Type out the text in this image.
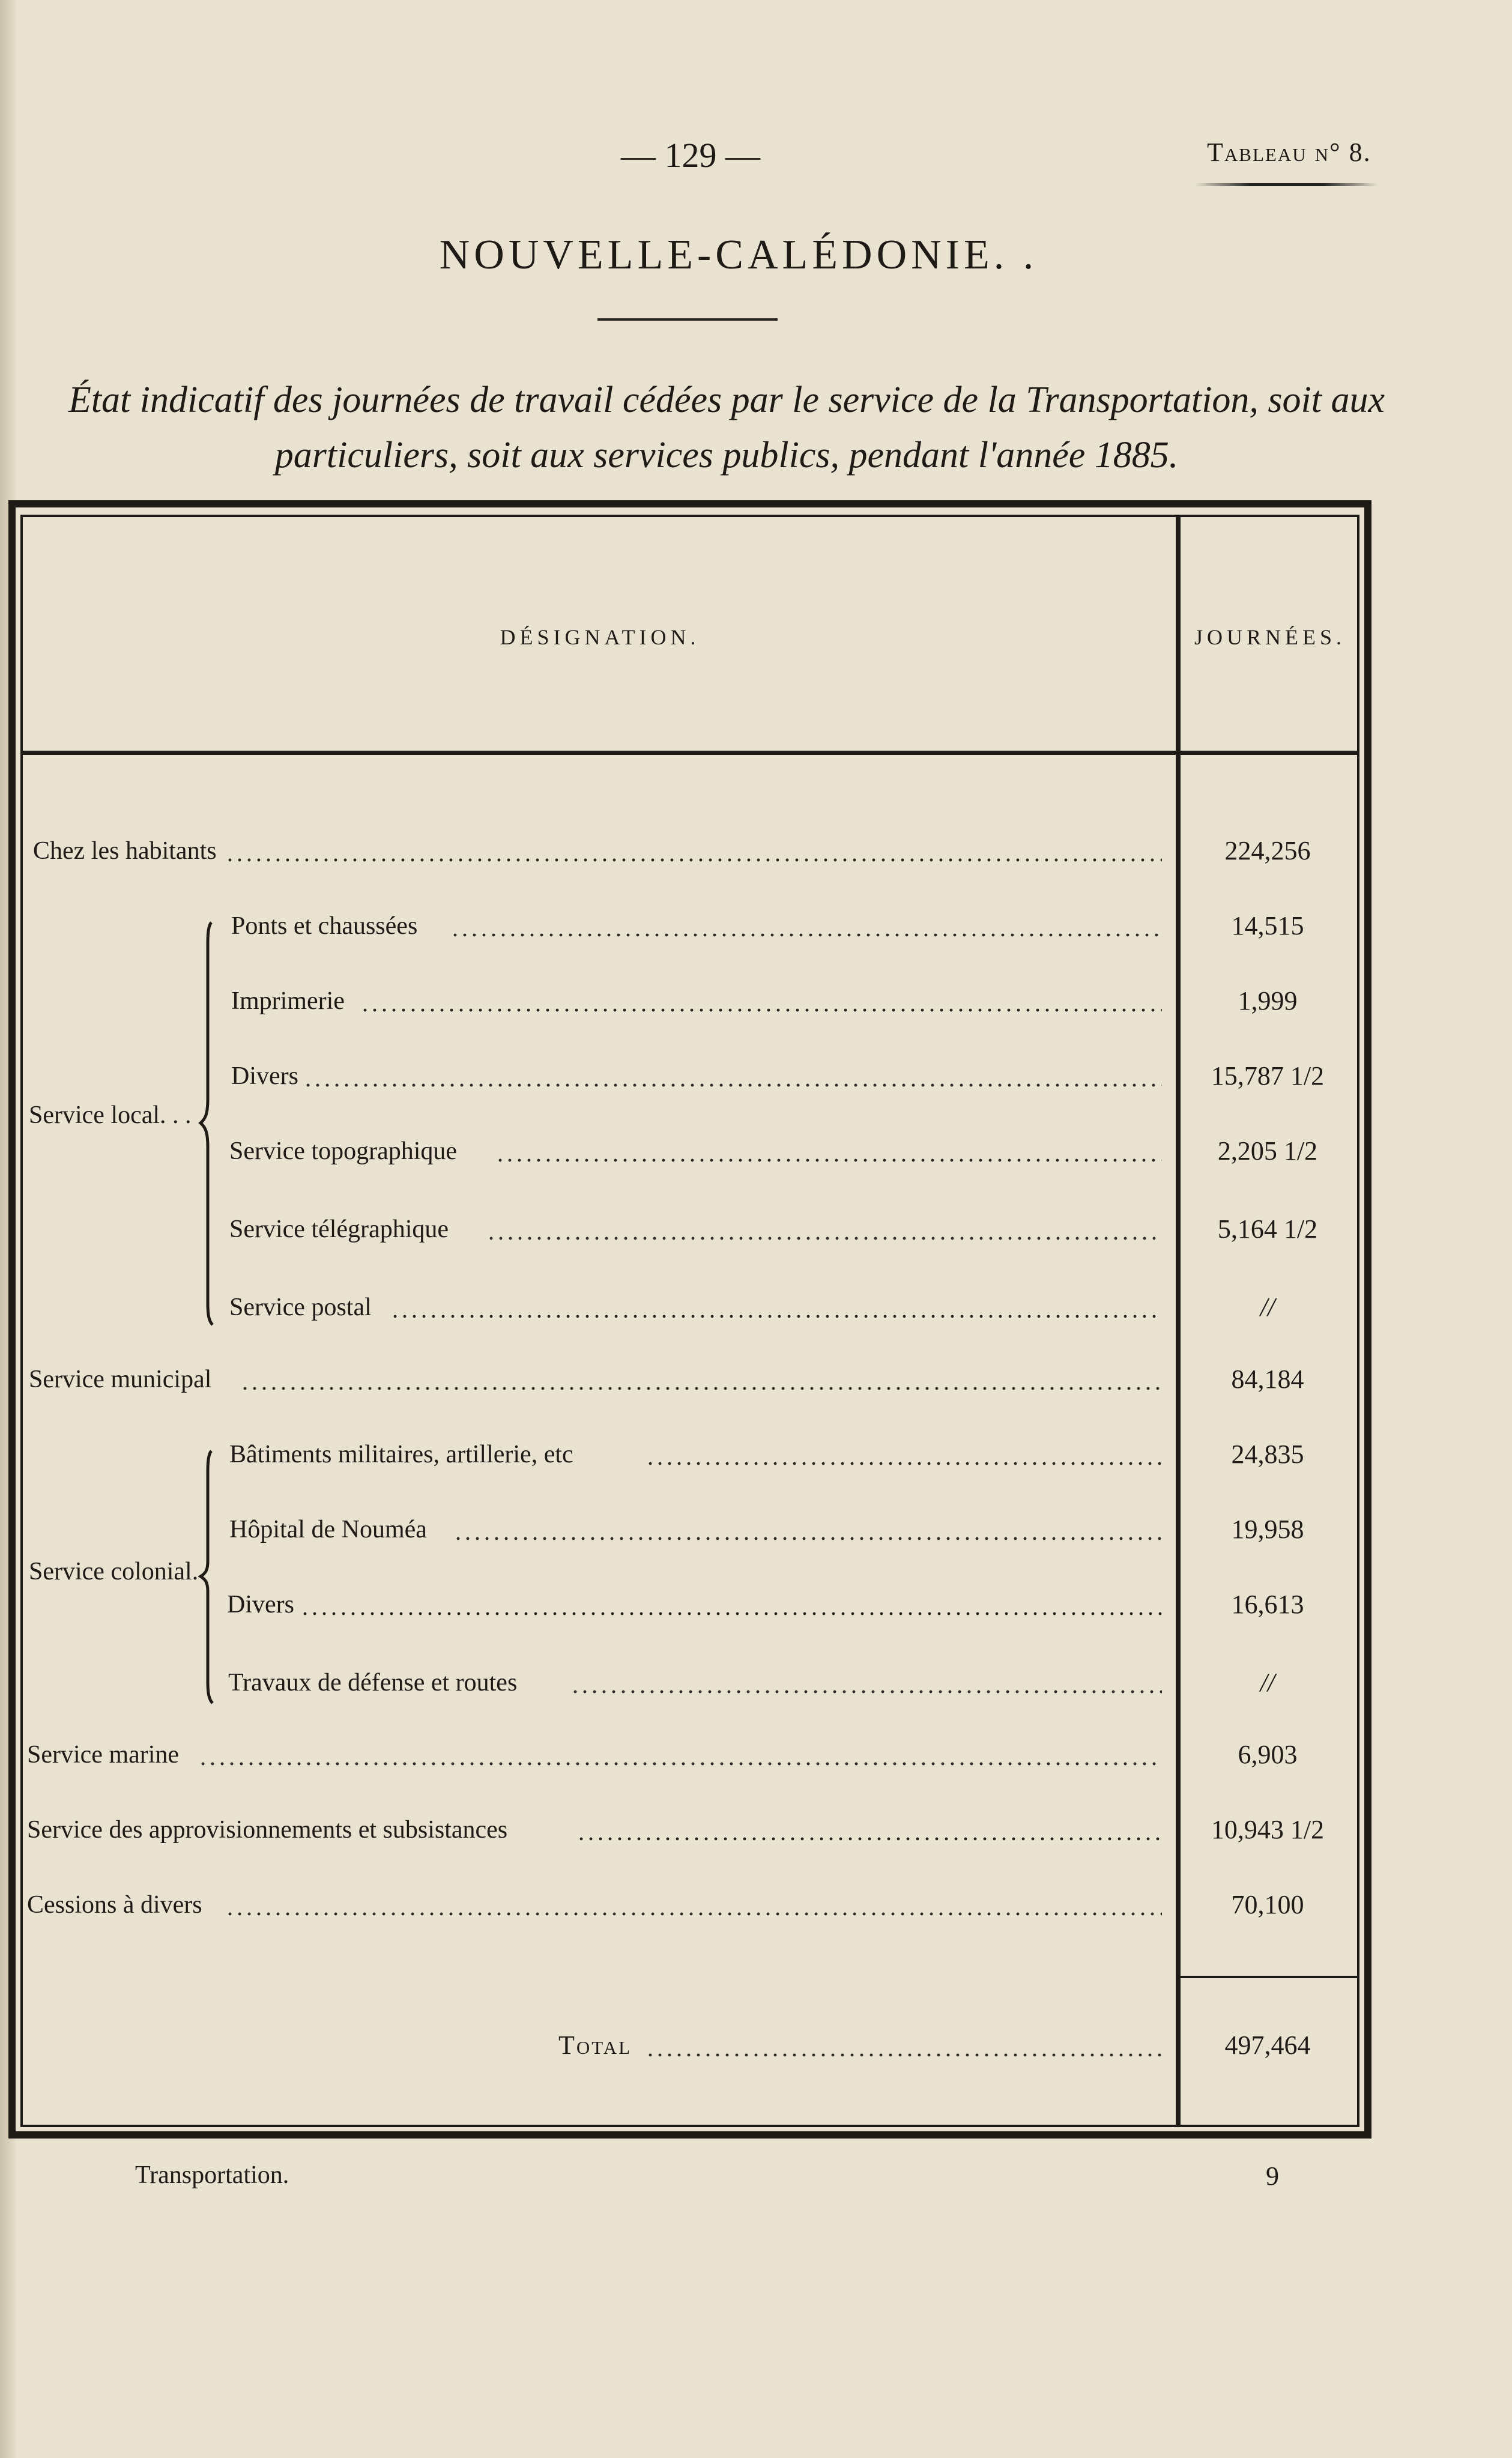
— 129 —	Tableau n° 8.
NOUVELLE-CALÉDONIE. .
État indicatif des journées de travail cédées par le service de la Transportation, soit aux particuliers, soit aux services publics, pendant l'année 1885.
DÉSIGNATION.	JOURNÉES.
Service local. . .
Service colonial.
Chez les habitants	224,256
Ponts et chaussées	14,515
Imprimerie	1,999
Divers	15,787 1/2
Service topographique	2,205 1/2
Service télégraphique	5,164 1/2
Service postal	//
Service municipal	84,184
Bâtiments militaires, artillerie, etc	24,835
Hôpital de Nouméa	19,958
Divers	16,613
Travaux de défense et routes	//
Service marine	6,903
Service des approvisionnements et subsistances	10,943 1/2
Cessions à divers	70,100
Total	497,464
Transportation.	9
